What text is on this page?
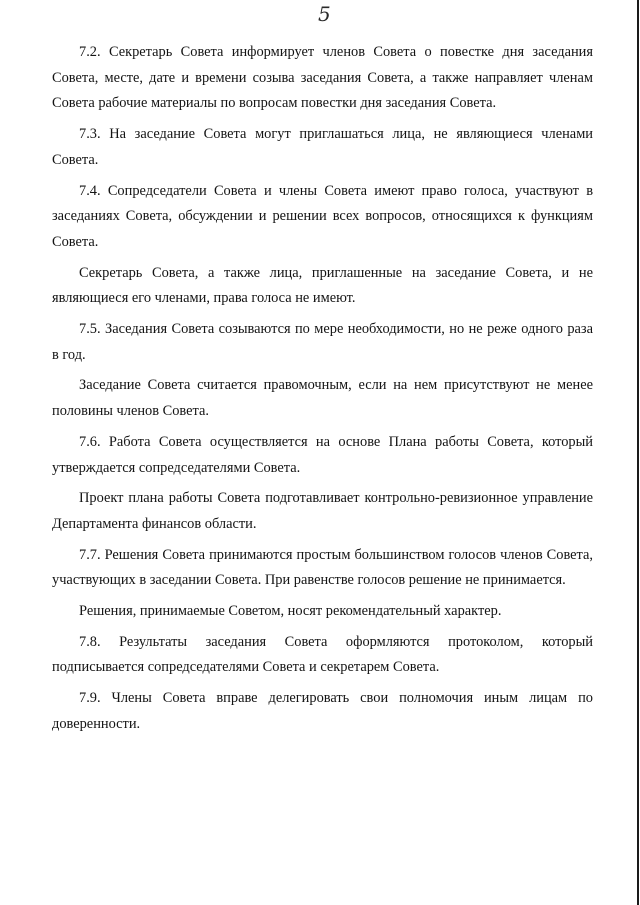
5

7.2. Секретарь Совета информирует членов Совета о повестке дня заседания Совета, месте, дате и времени созыва заседания Совета, а также направляет членам Совета рабочие материалы по вопросам повестки дня заседания Совета.

7.3. На заседание Совета могут приглашаться лица, не являющиеся членами Совета.

7.4. Сопредседатели Совета и члены Совета имеют право голоса, участвуют в заседаниях Совета, обсуждении и решении всех вопросов, относящихся к функциям Совета.

Секретарь Совета, а также лица, приглашенные на заседание Совета, и не являющиеся его членами, права голоса не имеют.

7.5. Заседания Совета созываются по мере необходимости, но не реже одного раза в год.

Заседание Совета считается правомочным, если на нем присутствуют не менее половины членов Совета.

7.6. Работа Совета осуществляется на основе Плана работы Совета, который утверждается сопредседателями Совета.

Проект плана работы Совета подготавливает контрольно-ревизионное управление Департамента финансов области.

7.7. Решения Совета принимаются простым большинством голосов членов Совета, участвующих в заседании Совета. При равенстве голосов решение не принимается.

Решения, принимаемые Советом, носят рекомендательный характер.

7.8. Результаты заседания Совета оформляются протоколом, который подписывается сопредседателями Совета и секретарем Совета.

7.9. Члены Совета вправе делегировать свои полномочия иным лицам по доверенности.
